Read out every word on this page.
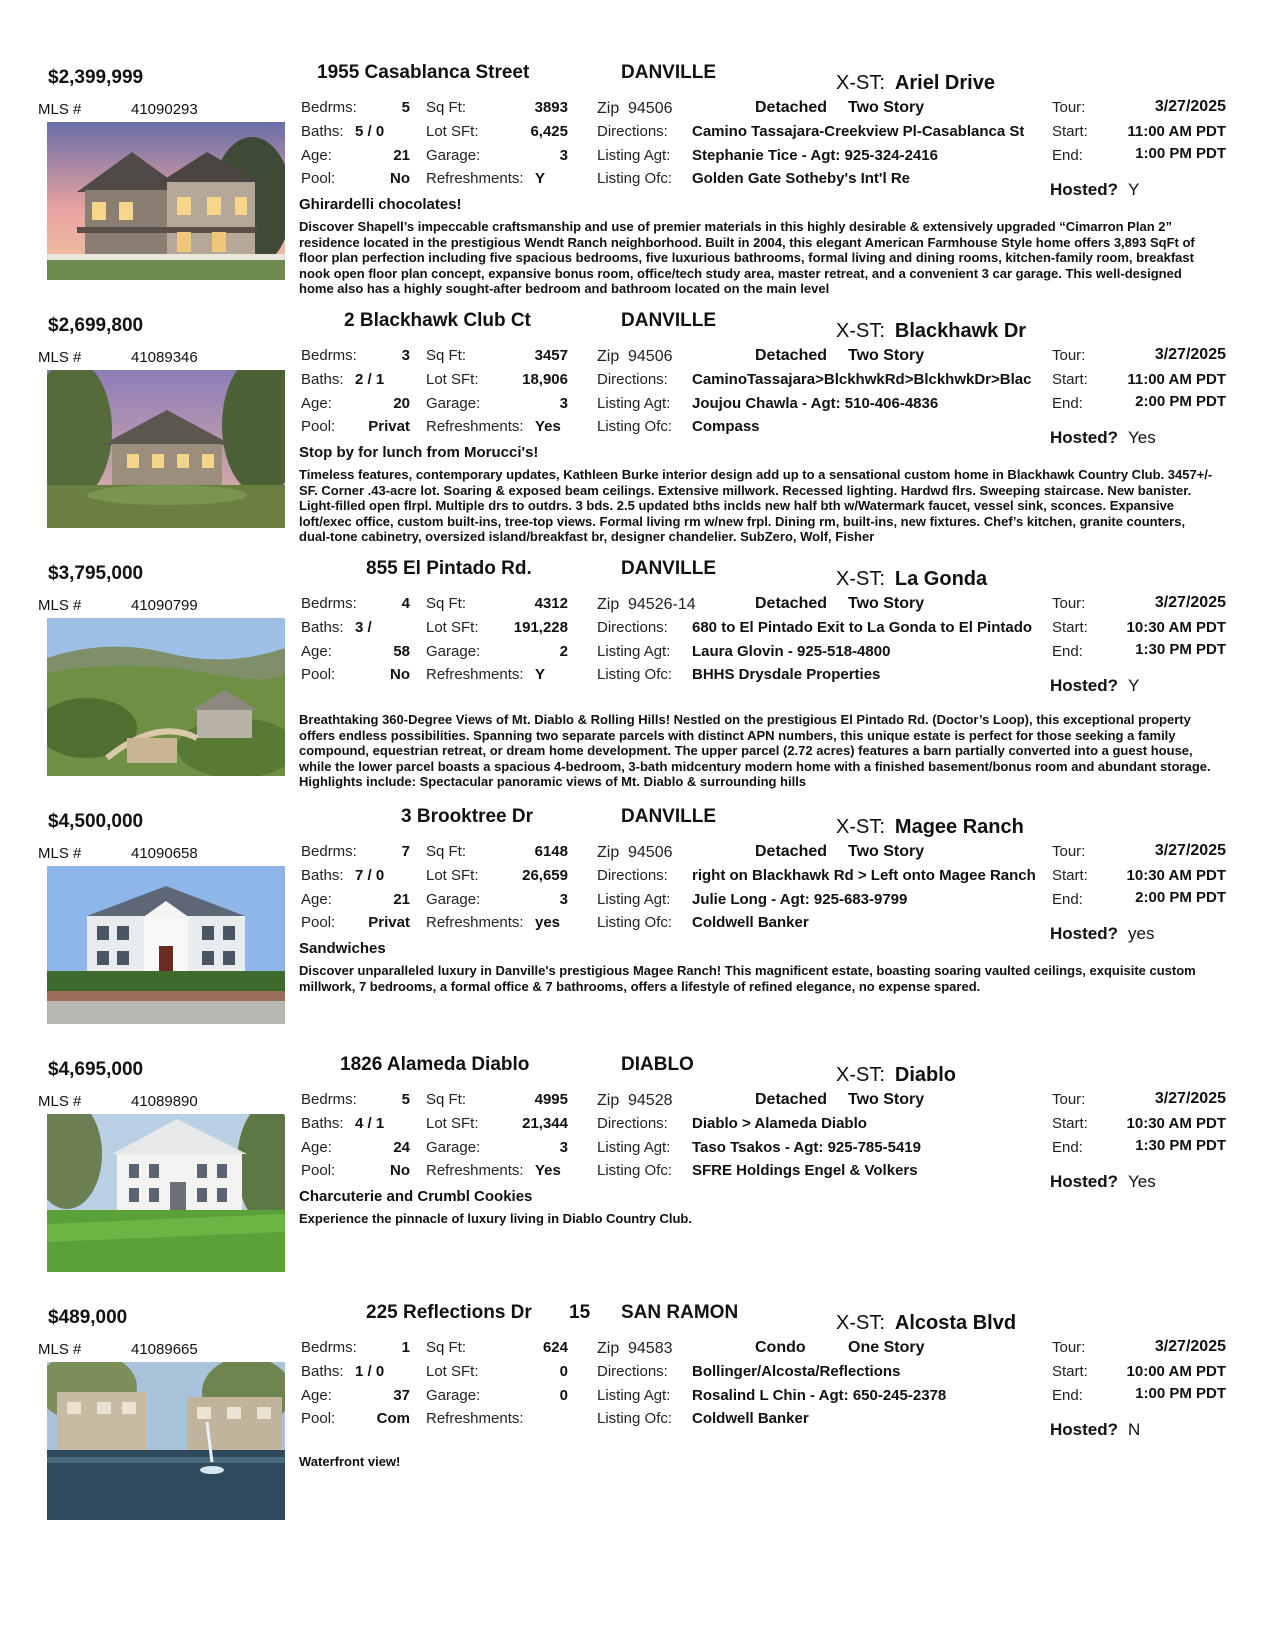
$2,399,999	1955 Casablanca Street	DANVILLE	X-ST: Ariel Drive
MLS #	41090293	Bedrms:	5
Baths: 5 / 0
Age:	21
Pool:	No
Sq Ft:	3893
Lot SFt:	6,425
Garage:	3
Refreshments: Y
Zip 94506	Detached Two Story
Directions: Camino Tassajara-Creekview Pl-Casablanca St
Listing Agt: Stephanie Tice - Agt: 925-324-2416
Listing Ofc: Golden Gate Sotheby's Int'l Re
Tour:	3/27/2025
Start:	11:00 AM PDT
End:	1:00 PM PDT
Hosted? Y
Ghirardelli chocolates!
Discover Shapell’s impeccable craftsmanship and use of premier materials in this highly desirable & extensively upgraded “Cimarron Plan 2” residence located in the prestigious Wendt Ranch neighborhood. Built in 2004, this elegant American Farmhouse Style home offers 3,893 SqFt of floor plan perfection including five spacious bedrooms, five luxurious bathrooms, formal living and dining rooms, kitchen-family room, breakfast nook open floor plan concept, expansive bonus room, office/tech study area, master retreat, and a convenient 3 car garage. This well-designed home also has a highly sought-after bedroom and bathroom located on the main level
$2,699,800	2 Blackhawk Club Ct	DANVILLE	X-ST: Blackhawk Dr
MLS #	41089346	Bedrms:	3
Baths: 2 / 1
Age:	20
Pool:	Privat
Sq Ft:	3457
Lot SFt:	18,906
Garage:	3
Refreshments: Yes
Zip 94506	Detached Two Story
Directions: CaminoTassajara>BlckhwkRd>BlckhwkDr>Blac
Listing Agt: Joujou Chawla - Agt: 510-406-4836
Listing Ofc: Compass
Tour:	3/27/2025
Start:	11:00 AM PDT
End:	2:00 PM PDT
Hosted? Yes
Stop by for lunch from Morucci's!
Timeless features, contemporary updates, Kathleen Burke interior design add up to a sensational custom home in Blackhawk Country Club. 3457+/-SF. Corner .43-acre lot. Soaring & exposed beam ceilings. Extensive millwork. Recessed lighting. Hardwd flrs. Sweeping staircase. New banister. Light-filled open flrpl. Multiple drs to outdrs. 3 bds. 2.5 updated bths inclds new half bth w/Watermark faucet, vessel sink, sconces. Expansive loft/exec office, custom built-ins, tree-top views. Formal living rm w/new frpl. Dining rm, built-ins, new fixtures. Chef’s kitchen, granite counters, dual-tone cabinetry, oversized island/breakfast br, designer chandelier. SubZero, Wolf, Fisher
$3,795,000	855 El Pintado Rd.	DANVILLE	X-ST: La Gonda
MLS #	41090799	Bedrms:	4
Baths: 3 /
Age:	58
Pool:	No
Sq Ft:	4312
Lot SFt:	191,228
Garage:	2
Refreshments: Y
Zip 94526-14	Detached Two Story
Directions: 680 to El Pintado Exit to La Gonda to El Pintado
Listing Agt: Laura Glovin - 925-518-4800
Listing Ofc: BHHS Drysdale Properties
Tour:	3/27/2025
Start:	10:30 AM PDT
End:	1:30 PM PDT
Hosted? Y
Breathtaking 360-Degree Views of Mt. Diablo & Rolling Hills! Nestled on the prestigious El Pintado Rd. (Doctor’s Loop), this exceptional property offers endless possibilities. Spanning two separate parcels with distinct APN numbers, this unique estate is perfect for those seeking a family compound, equestrian retreat, or dream home development. The upper parcel (2.72 acres) features a barn partially converted into a guest house, while the lower parcel boasts a spacious 4-bedroom, 3-bath midcentury modern home with a finished basement/bonus room and abundant storage. Highlights include: Spectacular panoramic views of Mt. Diablo & surrounding hills
$4,500,000	3 Brooktree Dr	DANVILLE	X-ST: Magee Ranch
MLS #	41090658	Bedrms:	7
Baths: 7 / 0
Age:	21
Pool:	Privat
Sq Ft:	6148
Lot SFt:	26,659
Garage:	3
Refreshments: yes
Zip 94506	Detached Two Story
Directions: right on Blackhawk Rd > Left onto Magee Ranch
Listing Agt: Julie Long - Agt: 925-683-9799
Listing Ofc: Coldwell Banker
Tour:	3/27/2025
Start:	10:30 AM PDT
End:	2:00 PM PDT
Hosted? yes
Sandwiches
Discover unparalleled luxury in Danville's prestigious Magee Ranch! This magnificent estate, boasting soaring vaulted ceilings, exquisite custom millwork, 7 bedrooms, a formal office & 7 bathrooms, offers a lifestyle of refined elegance, no expense spared.
$4,695,000	1826 Alameda Diablo	DIABLO	X-ST: Diablo
MLS #	41089890	Bedrms:	5
Baths: 4 / 1
Age:	24
Pool:	No
Sq Ft:	4995
Lot SFt:	21,344
Garage:	3
Refreshments: Yes
Zip 94528	Detached Two Story
Directions: Diablo > Alameda Diablo
Listing Agt: Taso Tsakos - Agt: 925-785-5419
Listing Ofc: SFRE Holdings Engel & Volkers
Tour:	3/27/2025
Start:	10:30 AM PDT
End:	1:30 PM PDT
Hosted? Yes
Charcuterie and Crumbl Cookies
Experience the pinnacle of luxury living in Diablo Country Club.
$489,000	225 Reflections Dr 15 SAN RAMON	X-ST: Alcosta Blvd
MLS #	41089665	Bedrms:	1
Baths: 1 / 0
Age:	37
Pool:	Com
Sq Ft:	624
Lot SFt:	0
Garage:	0
Refreshments:
Zip 94583	Condo	One Story
Directions: Bollinger/Alcosta/Reflections
Listing Agt: Rosalind L Chin - Agt: 650-245-2378
Listing Ofc: Coldwell Banker
Tour:	3/27/2025
Start:	10:00 AM PDT
End:	1:00 PM PDT
Hosted? N
Waterfront view!
